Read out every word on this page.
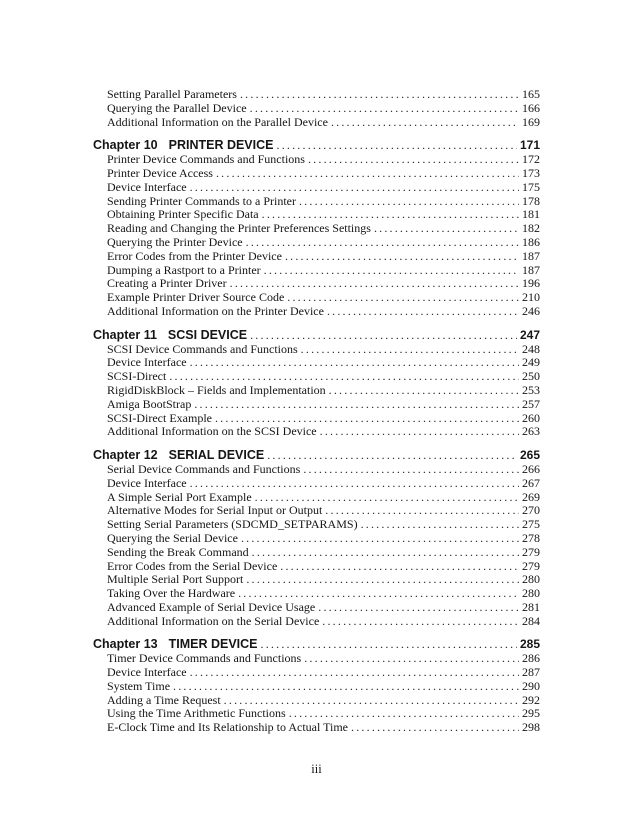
Setting Parallel Parameters .....	165
Querying the Parallel Device .....	166
Additional Information on the Parallel Device .....	169
Chapter 10 PRINTER DEVICE .....	171
Printer Device Commands and Functions .....	172
Printer Device Access .....	173
Device Interface .....	175
Sending Printer Commands to a Printer .....	178
Obtaining Printer Specific Data .....	181
Reading and Changing the Printer Preferences Settings .....	182
Querying the Printer Device .....	186
Error Codes from the Printer Device .....	187
Dumping a Rastport to a Printer .....	187
Creating a Printer Driver .....	196
Example Printer Driver Source Code .....	210
Additional Information on the Printer Device .....	246
Chapter 11 SCSI DEVICE .....	247
SCSI Device Commands and Functions .....	248
Device Interface .....	249
SCSI-Direct .....	250
RigidDiskBlock – Fields and Implementation .....	253
Amiga BootStrap .....	257
SCSI-Direct Example .....	260
Additional Information on the SCSI Device .....	263
Chapter 12 SERIAL DEVICE .....	265
Serial Device Commands and Functions .....	266
Device Interface .....	267
A Simple Serial Port Example .....	269
Alternative Modes for Serial Input or Output .....	270
Setting Serial Parameters (SDCMD_SETPARAMS) .....	275
Querying the Serial Device .....	278
Sending the Break Command .....	279
Error Codes from the Serial Device .....	279
Multiple Serial Port Support .....	280
Taking Over the Hardware .....	280
Advanced Example of Serial Device Usage .....	281
Additional Information on the Serial Device .....	284
Chapter 13 TIMER DEVICE .....	285
Timer Device Commands and Functions .....	286
Device Interface .....	287
System Time .....	290
Adding a Time Request .....	292
Using the Time Arithmetic Functions .....	295
E-Clock Time and Its Relationship to Actual Time .....	298
iii
